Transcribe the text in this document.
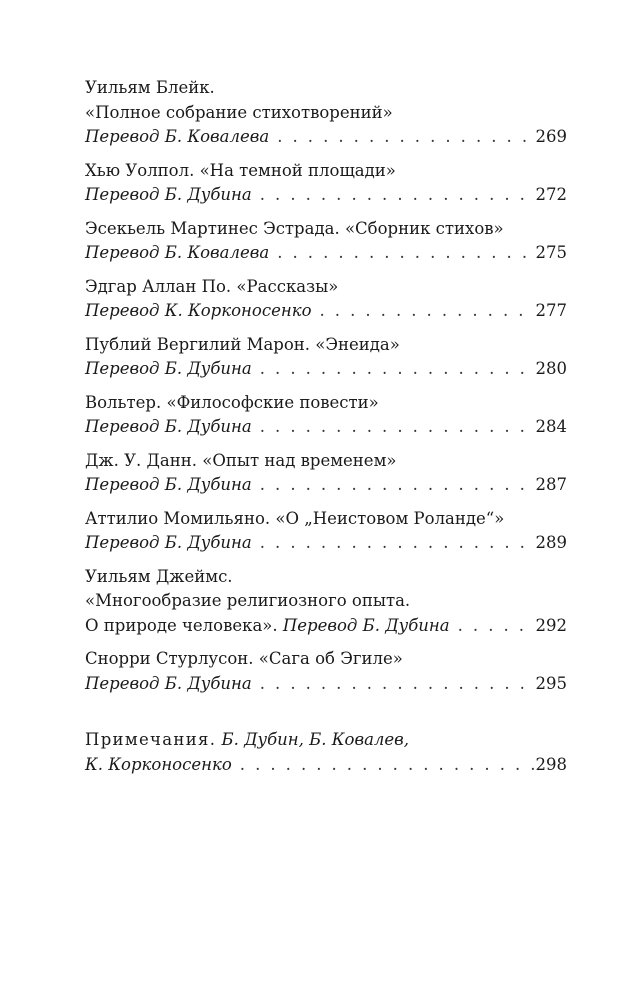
Уильям Блейк.
«Полное собрание стихотворений»
Перевод Б. Ковалева . . .	269
Хью Уолпол. «На темной площади»
Перевод Б. Дубина . . .	272
Эсекьель Мартинес Эстрада. «Сборник стихов»
Перевод Б. Ковалева . . .	275
Эдгар Аллан По. «Рассказы»
Перевод К. Корконосенко . . .	277
Публий Вергилий Марон. «Энеида»
Перевод Б. Дубина . . .	280
Вольтер. «Философские повести»
Перевод Б. Дубина . . .	284
Дж. У. Данн. «Опыт над временем»
Перевод Б. Дубина . . .	287
Аттилио Момильяно. «О „Неистовом Роланде“»
Перевод Б. Дубина . . .	289
Уильям Джеймс.
«Многообразие религиозного опыта.
О природе человека».
Перевод Б. Дубина . . .	292
Снорри Стурлусон. «Сага об Эгиле»
Перевод Б. Дубина . . .	295
Примечания. Б. Дубин, Б. Ковалев,
К. Корконосенко . . .	298
